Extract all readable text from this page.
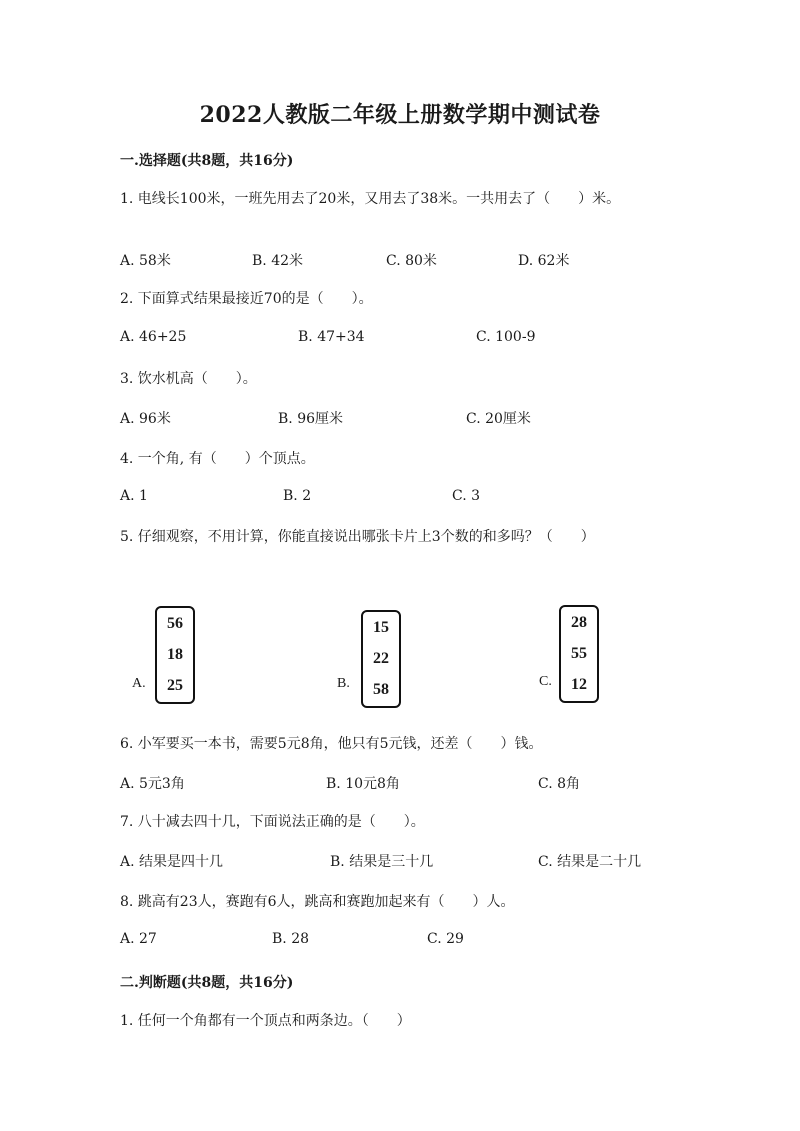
2022人教版二年级上册数学期中测试卷
一.选择题(共8题，共16分)
1. 电线长100米，一班先用去了20米，又用去了38米。一共用去了（　　）米。
A. 58米	B. 42米	C. 80米	D. 62米
2. 下面算式结果最接近70的是（　　）。
A. 46+25	B. 47+34	C. 100-9
3. 饮水机高（　　）。
A. 96米	B. 96厘米	C. 20厘米
4. 一个角, 有（　　）个顶点。
A. 1	B. 2	C. 3
5. 仔细观察，不用计算，你能直接说出哪张卡片上3个数的和多吗？（　　）
A.
56
18
25	B.
15
22
58	C.
28
55
12
6. 小军要买一本书，需要5元8角，他只有5元钱，还差（　　）钱。
A. 5元3角	B. 10元8角	C. 8角
7. 八十减去四十几，下面说法正确的是（　　）。
A. 结果是四十几	B. 结果是三十几	C. 结果是二十几
8. 跳高有23人，赛跑有6人，跳高和赛跑加起来有（　　）人。
A. 27	B. 28	C. 29
二.判断题(共8题，共16分)
1. 任何一个角都有一个顶点和两条边。（　　）
